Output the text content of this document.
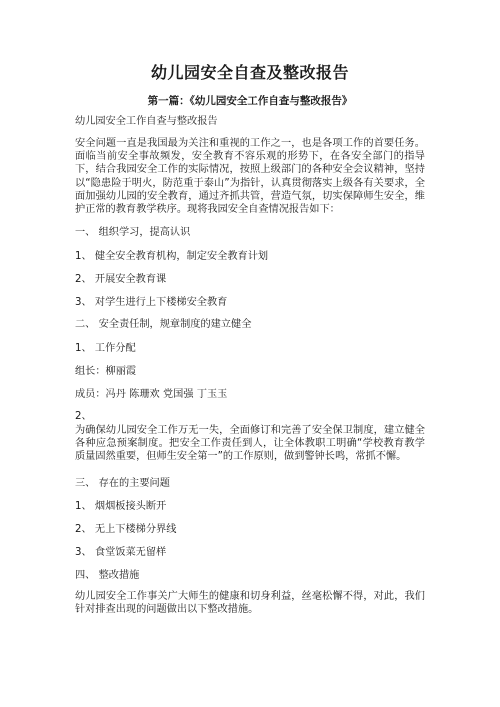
幼儿园安全自查及整改报告
第一篇：《幼儿园安全工作自查与整改报告》
幼儿园安全工作自查与整改报告
安全问题一直是我国最为关注和重视的工作之一，也是各项工作的首要任务。面临当前安全事故频发，安全教育不容乐观的形势下，在各安全部门的指导下，结合我园安全工作的实际情况，按照上级部门的各种安全会议精神，坚持以“隐患险于明火，防范重于泰山”为指针，认真贯彻落实上级各有关要求，全面加强幼儿园的安全教育，通过齐抓共管，营造气氛，切实保障师生安全，维护正常的教育教学秩序。现将我园安全自查情况报告如下：
一、 组织学习，提高认识
1、 健全安全教育机构，制定安全教育计划
2、 开展安全教育课
3、 对学生进行上下楼梯安全教育
二、 安全责任制，规章制度的建立健全
1、 工作分配
组长：柳丽霞
成员：冯丹 陈珊欢 党国强 丁玉玉
2、
为确保幼儿园安全工作万无一失，全面修订和完善了安全保卫制度，建立健全各种应急预案制度。把安全工作责任到人，让全体教职工明确“学校教育教学质量固然重要，但师生安全第一”的工作原则，做到警钟长鸣，常抓不懈。
三、 存在的主要问题
1、 烟烟板接头断开
2、 无上下楼梯分界线
3、 食堂饭菜无留样
四、 整改措施
幼儿园安全工作事关广大师生的健康和切身利益，丝毫松懈不得，对此，我们针对排查出现的问题做出以下整改措施。
